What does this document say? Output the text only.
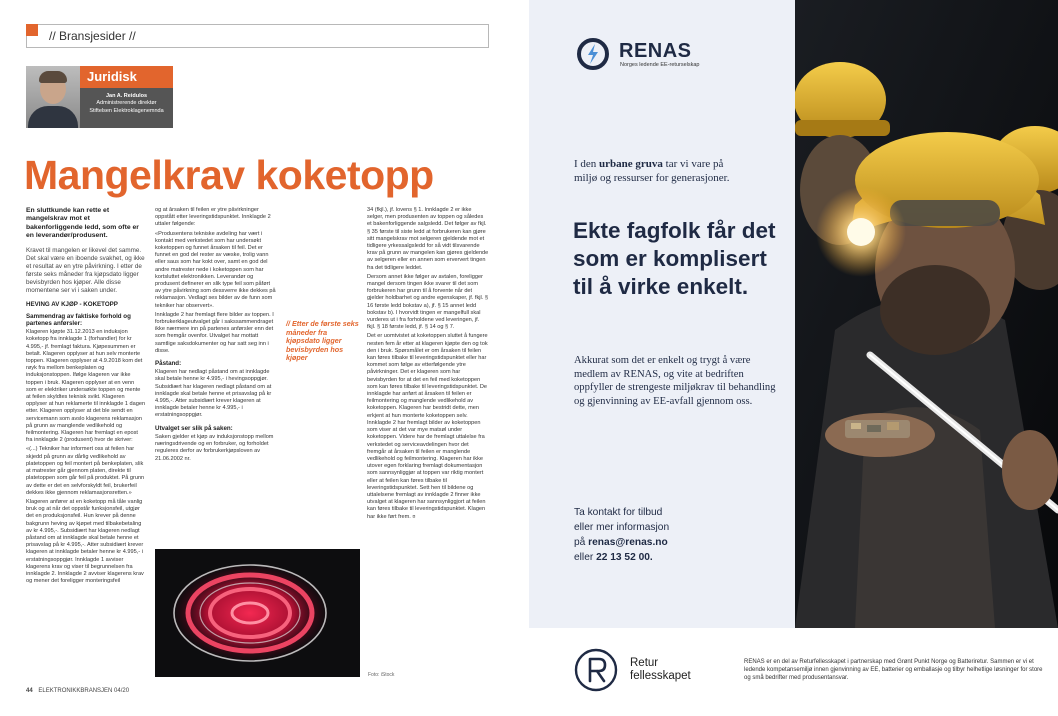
// Bransjesider //
Juridisk
Jan A. Reidulos
Administrerende direktør
Stiftelsen Elektroklagenemnda
Mangelkrav koketopp

En sluttkunde kan rette et mangelskrav mot et bakenforliggende ledd, som ofte er en leverandør/produsent.

Kravet til mangelen er likevel det samme. Det skal være en iboende svakhet, og ikke et resultat av en ytre påvirkning. I etter de første seks måneder fra kjøpsdato ligger bevisbyrden hos kjøper. Alle disse momentene ser vi i saken under.

HEVING AV KJØP - KOKETOPP
Sammendrag av faktiske forhold og partenes anførsler:

Klageren kjøpte 31.12.2013 en induksjon koketopp fra innklagde 1 (forhandler) for kr 4.995,- jf. fremlagt faktura. Kjøpesummen er betalt. Klageren opplyser at hun selv monterte toppen. Klageren opplyser at 4.9.2018 kom det røyk fra mellom benkeplaten og induksjonstoppen. Ifølge klageren var ikke toppen i bruk. Klageren opplyser at en venn som er elektriker undersøkte toppen og mente at feilen skyldtes teknisk svikt. Klageren opplyser at hun reklamerte til innklagde 1 dagen etter. Klageren opplyser at det ble sendt en servicemann som avslo klagerens reklamasjon på grunn av manglende vedlikehold og feilmontering. Klageren har fremlagt en epost fra innklagde 2 (produsent) hvor de skriver:

«(...) Tekniker har informert oss at feilen har skjedd på grunn av dårlig vedlikehold av platetoppen og feil montert på benkeplaten, slik at matrester går gjennom platen, direkte til platetoppen som går feil på produktet. På grunn av dette er det en selvforskyldt feil, brukerfeil dekkes ikke gjennom reklamasjonsretten.»

Klageren anfører at en koketopp må tåle vanlig bruk og at når det oppstår funksjonsfeil, utgjør det en produksjonsfeil. Hun krever på denne bakgrunn heving av kjøpet med tilbakebetaling av kr 4.995,-. Subsidiært har klageren nedlagt påstand om at innklagde skal betale henne et prisavslag på kr 4.995,-. Atter subsidiært krever klageren at innklagde betaler henne kr 4.995,- i erstatningsoppgjør. Innklagde 1 avviser klagerens krav og viser til begrunnelsen fra innklagde 2. Innklagde 2 avviser klagerens krav og mener det foreligger monteringsfeil

og at årsaken til feilen er ytre påvirkninger oppstått etter leveringstidspunktet. Innklagde 2 uttaler følgende:

«Produsentens tekniske avdeling har vært i kontakt med verkstedet som har undersøkt koketoppen og funnet årsaken til feil. Det er funnet en god del rester av væske, trolig vann eller saus som har kokt over, samt en god del andre matrester nede i koketoppen som har kortsluttet elektronikken. Leverandør og produsent definerer en slik type feil som påført av ytre påvirkning som dessverre ikke dekkes på reklamasjon. Vedlagt ses bilder av de funn som tekniker har observert».

Innklagde 2 har fremlagt flere bilder av toppen. I forbrukerklageutvalget går i sakssammendraget ikke nærmere inn på partenes anførsler enn det som fremgår ovenfor. Utvalget har mottatt samtlige saksdokumenter og har satt seg inn i disse.

Påstand:

Klageren har nedlagt påstand om at innklagde skal betale henne kr 4.995,- i hevingsoppgjør. Subsidiært har klageren nedlagt påstand om at innklagde skal betale henne et prisavslag på kr 4.995,-. Atter subsidiært krever klageren at innklagde betaler henne kr 4.995,- i erstatningsoppgjør.

Utvalget ser slik på saken:

Saken gjelder et kjøp av induksjonstopp mellom næringsdrivende og en forbruker, og forholdet reguleres derfor av forbrukerkjøpsloven av 21.06.2002 nr.

// Etter de første seks måneder fra kjøpsdato ligger bevisbyrden hos kjøper

34 (fkjl.), jf. lovens § 1. Innklagde 2 er ikke selger, men produsenten av toppen og således et bakenforliggende salgsledd. Det følger av fkjl. § 35 første til siste ledd at forbrukeren kan gjøre sitt mangelskrav mot selgeren gjeldende mot et tidligere yrkessalgsledd for så vidt tilsvarende krav på grunn av mangelen kan gjøres gjeldende av selgeren eller en annen som erververt tingen fra det tidligere leddet.

Dersom annet ikke følger av avtalen, foreligger mangel dersom tingen ikke svarer til det som forbrukeren har grunn til å forvente når det gjelder holdbarhet og andre egenskaper, jf. fkjl. § 16 første ledd bokstav a), jf. § 15 annet ledd bokstav b). I hvorvidt tingen er mangelfull skal vurderes ut i fra forholdene ved leveringen, jf. fkjl. § 18 første ledd, jf. § 14 og § 7.

Det er uomtvistet at koketoppen sluttet å fungere nesten fem år etter at klageren kjøpte den og tok den i bruk. Spørsmålet er om årsaken til feilen kan føres tilbake til leveringstidspunktet eller har kommet som følge av etterfølgende ytre påvirkninger. Det er klageren som har bevisbyrden for at det en feil med koketoppen som kan føres tilbake til leveringstidspunktet. De innklagde har anført at årsaken til feilen er feilmontering og manglende vedlikehold av koketoppen. Klageren har bestridt dette, men erkjent at hun monterte koketoppen selv. Innklagde 2 har fremlagt bilder av koketoppen som viser at det var mye matsøl under koketoppen. Videre har de fremlagt uttalelse fra verkstedet og serviceavdelingen hvor det fremgår at årsaken til feilen er manglende vedlikehold og feilmontering. Klageren har ikke utover egen forklaring fremlagt dokumentasjon som sannsynliggjør at toppen var riktig montert eller at feilen kan føres tilbake til leveringstidspunktet. Sett hen til bildene og uttalelsene fremlagt av innklagde 2 finner ikke utvalget at klageren har sannsynliggjort at feilen kan føres tilbake til leveringstidspunktet. Klagen har ikke ført frem. ¤

Foto: iStock
44 ELEKTRONIKKBRANSJEN 04/20
RENAS
Norges ledende EE-returselskap

I den urbane gruva tar vi vare på miljø og ressurser for generasjoner.

Ekte fagfolk får det som er komplisert til å virke enkelt.

Akkurat som det er enkelt og trygt å være medlem av RENAS, og vite at bedriften oppfyller de strengeste miljøkrav til behandling og gjenvinning av EE-avfall gjennom oss.

Ta kontakt for tilbud
eller mer informasjon
på renas@renas.no
eller 22 13 52 00.
Retur
fellesskapet

RENAS er en del av Returfellesskapet i partnerskap med Grønt Punkt Norge og Batteriretur. Sammen er vi et ledende kompetansemiljø innen gjenvinning av EE, batterier og emballasje og tilbyr helhetlige løsninger for store og små bedrifter med produsentansvar.
